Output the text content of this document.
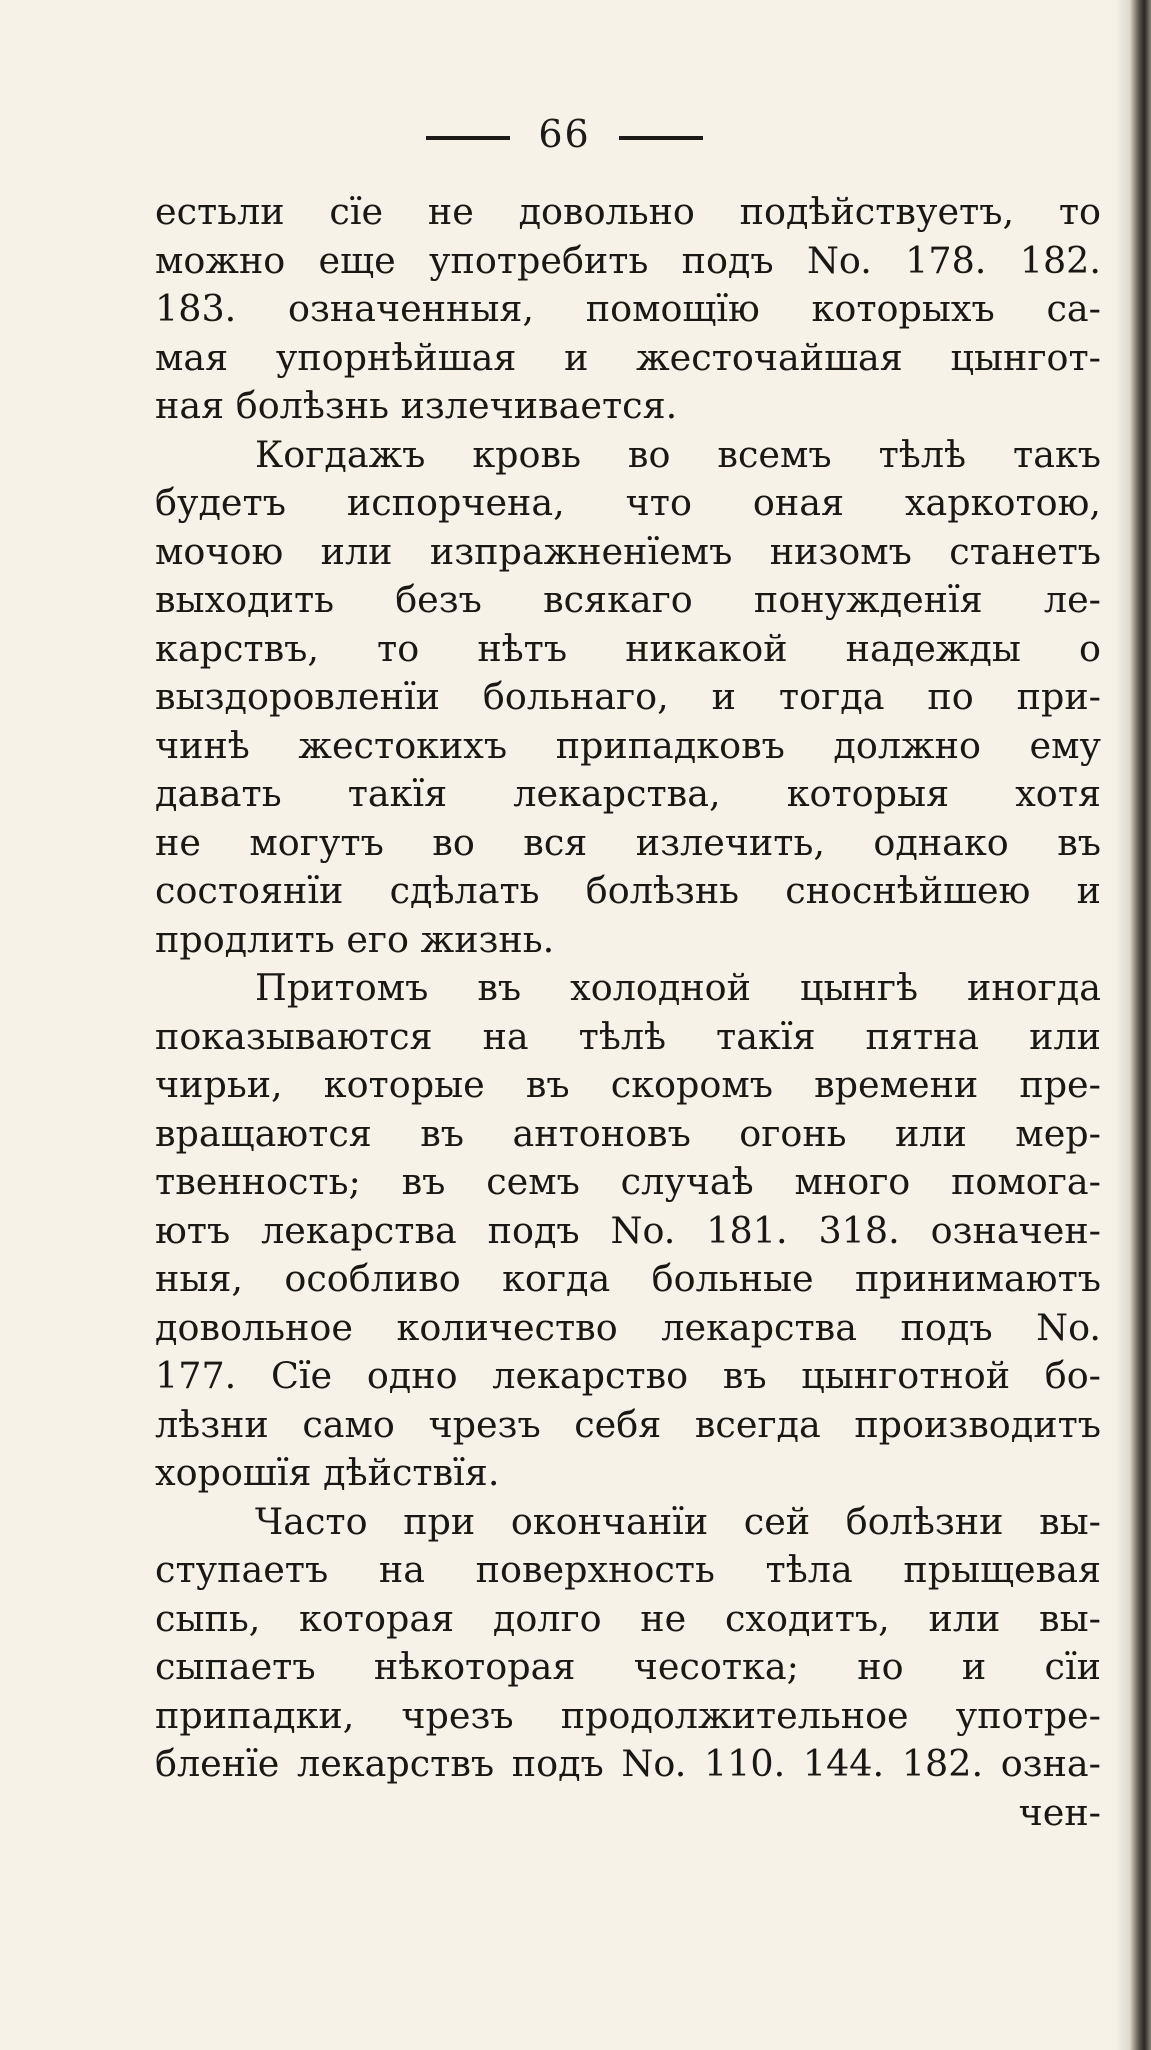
66
естьли сїе не довольно подѣйствуетъ, то
можно еще употребить подъ No. 178. 182.
183. означенныя, помощїю которыхъ са-
мая упорнѣйшая и жесточайшая цынгот-
ная болѣзнь излечивается.
Когдажъ кровь во всемъ тѣлѣ такъ
будетъ испорчена, что оная харкотою,
мочою или изпражненїемъ низомъ станетъ
выходить безъ всякаго понужденїя ле-
карствъ, то нѣтъ никакой надежды о
выздоровленїи больнаго, и тогда по при-
чинѣ жестокихъ припадковъ должно ему
давать такїя лекарства, которыя хотя
не могутъ во вся излечить, однако въ
состоянїи сдѣлать болѣзнь сноснѣйшею и
продлить его жизнь.
Притомъ въ холодной цынгѣ иногда
показываются на тѣлѣ такїя пятна или
чирьи, которые въ скоромъ времени пре-
вращаются въ антоновъ огонь или мер-
твенность; въ семъ случаѣ много помога-
ютъ лекарства подъ No. 181. 318. означен-
ныя, особливо когда больные принимаютъ
довольное количество лекарства подъ No.
177. Сїе одно лекарство въ цынготной бо-
лѣзни само чрезъ себя всегда производитъ
хорошїя дѣйствїя.
Часто при окончанїи сей болѣзни вы-
ступаетъ на поверхность тѣла прыщевая
сыпь, которая долго не сходитъ, или вы-
сыпаетъ нѣкоторая чесотка; но и сїи
припадки, чрезъ продолжительное употре-
бленїе лекарствъ подъ No. 110. 144. 182. озна-
чен-
